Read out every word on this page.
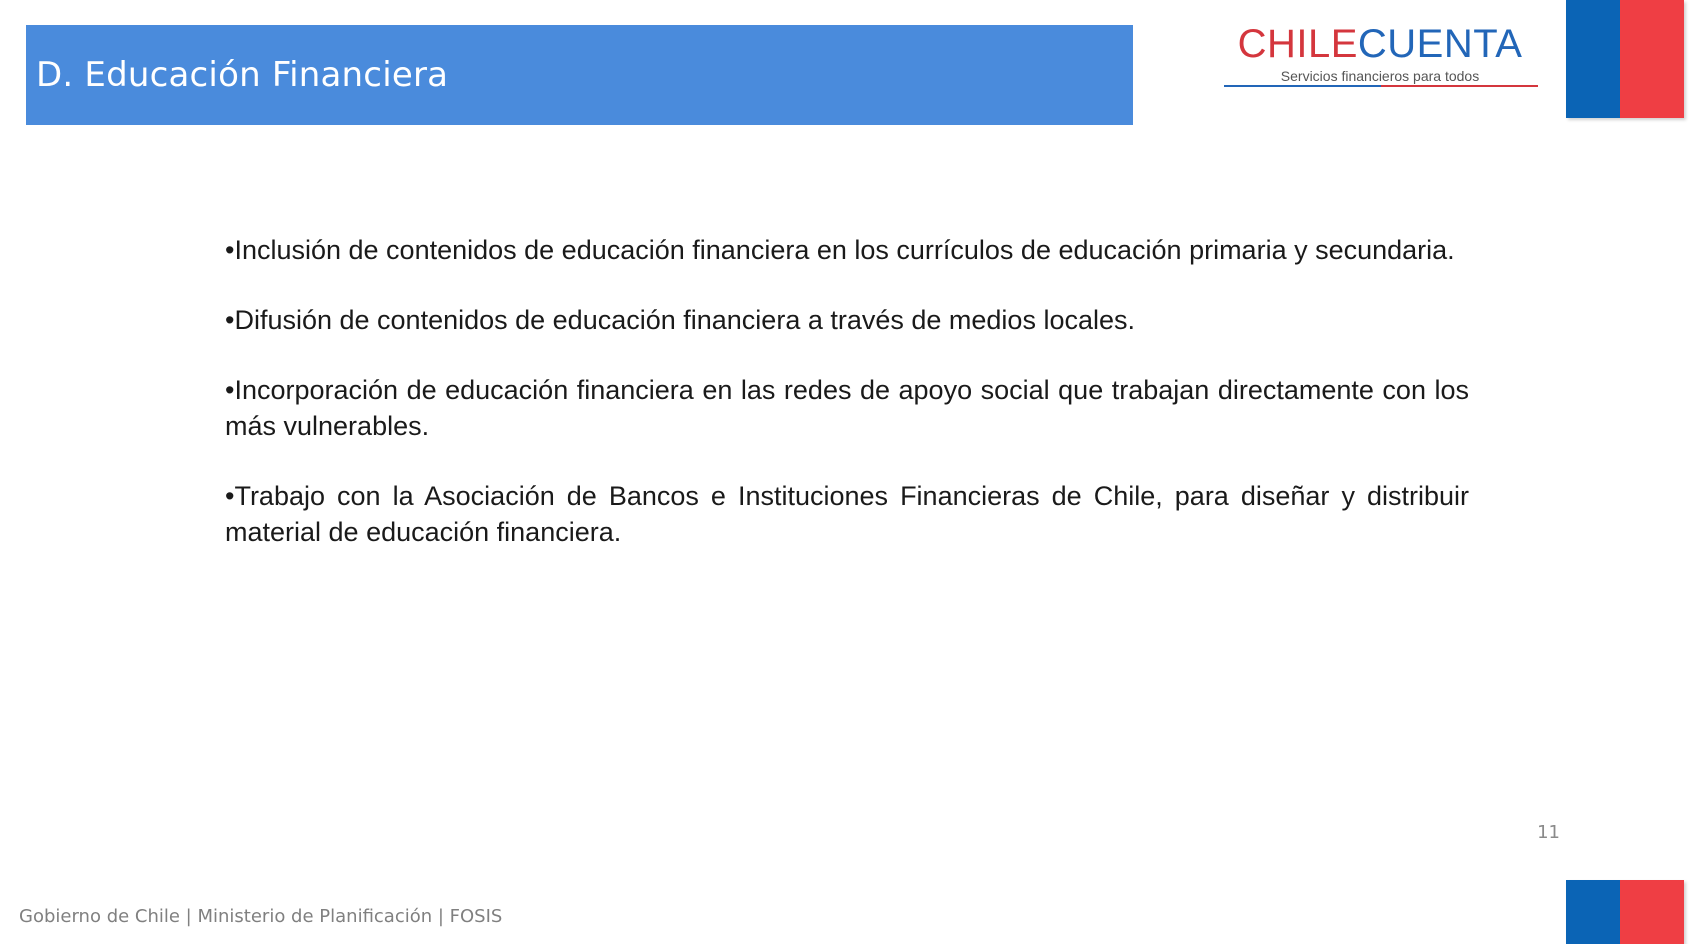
D. Educación Financiera
CHILECUENTA
Servicios financieros para todos

•Inclusión de contenidos de educación financiera en los currículos de educación primaria y secundaria.

•Difusión de contenidos de educación financiera a través de medios locales.

•Incorporación de educación financiera en las redes de apoyo social que trabajan directamente con los más vulnerables.

•Trabajo con la Asociación de Bancos e Instituciones Financieras de Chile, para diseñar y distribuir material de educación financiera.

11
Gobierno de Chile | Ministerio de Planificación | FOSIS
